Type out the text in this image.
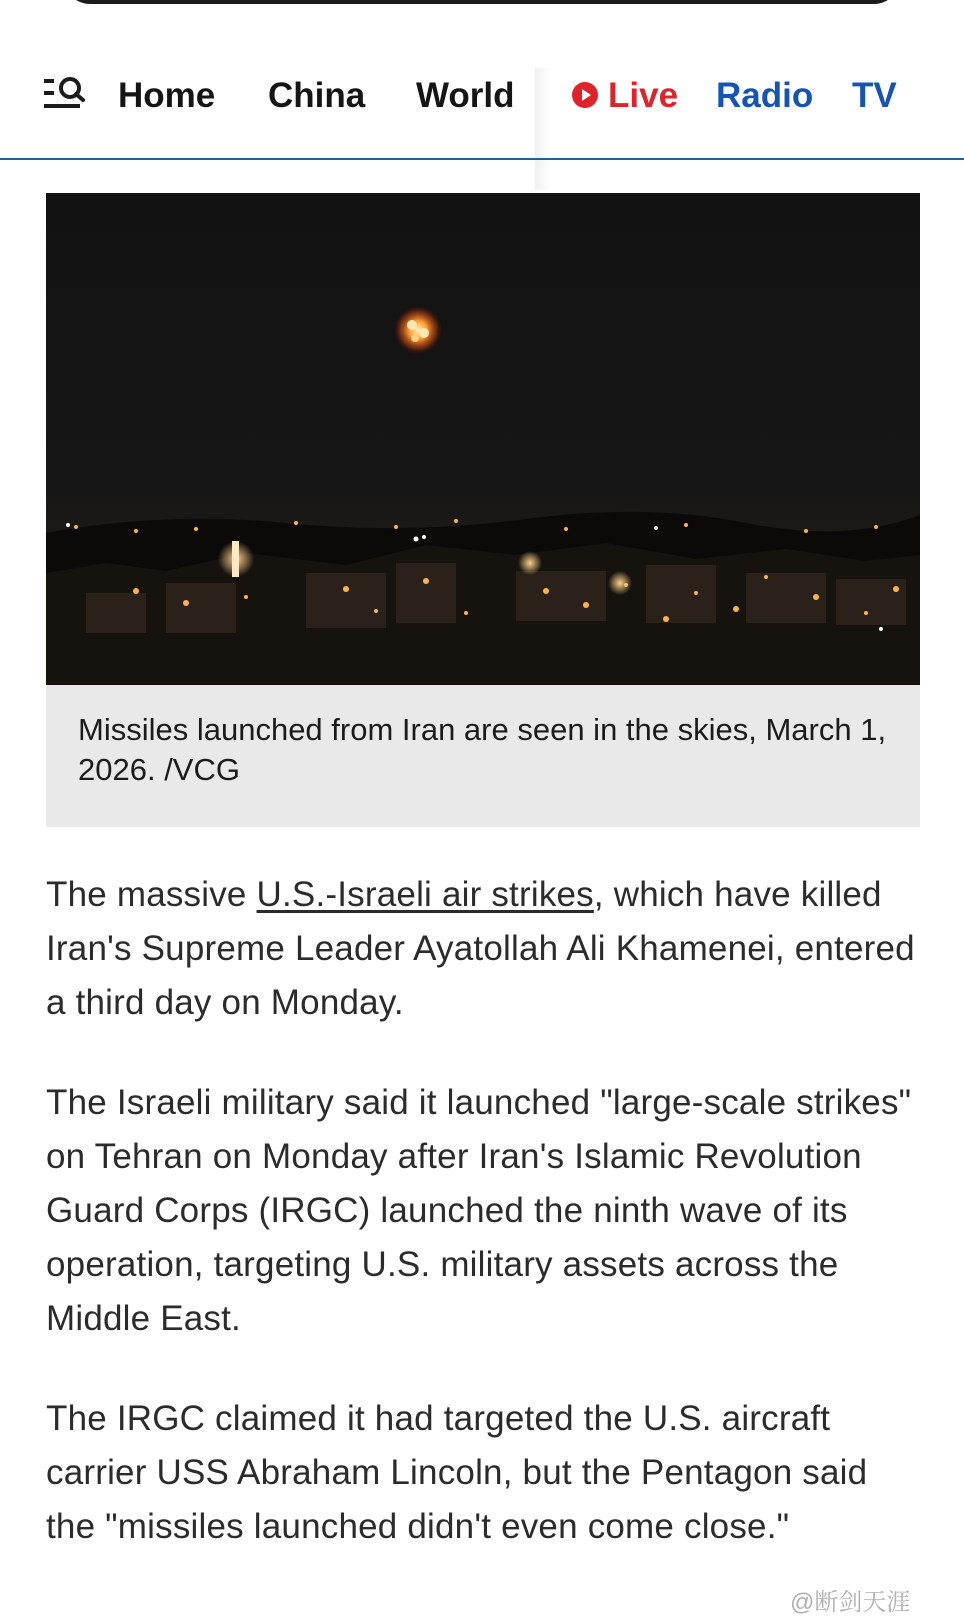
Home China World	Live Radio TV

Missiles launched from Iran are seen in the skies, March 1, 2026. /VCG

The massive U.S.-Israeli air strikes, which have killed Iran's Supreme Leader Ayatollah Ali Khamenei, entered a third day on Monday.

The Israeli military said it launched "large-scale strikes" on Tehran on Monday after Iran's Islamic Revolution Guard Corps (IRGC) launched the ninth wave of its operation, targeting U.S. military assets across the Middle East.

The IRGC claimed it had targeted the U.S. aircraft carrier USS Abraham Lincoln, but the Pentagon said the "missiles launched didn't even come close."

@断剑天涯
